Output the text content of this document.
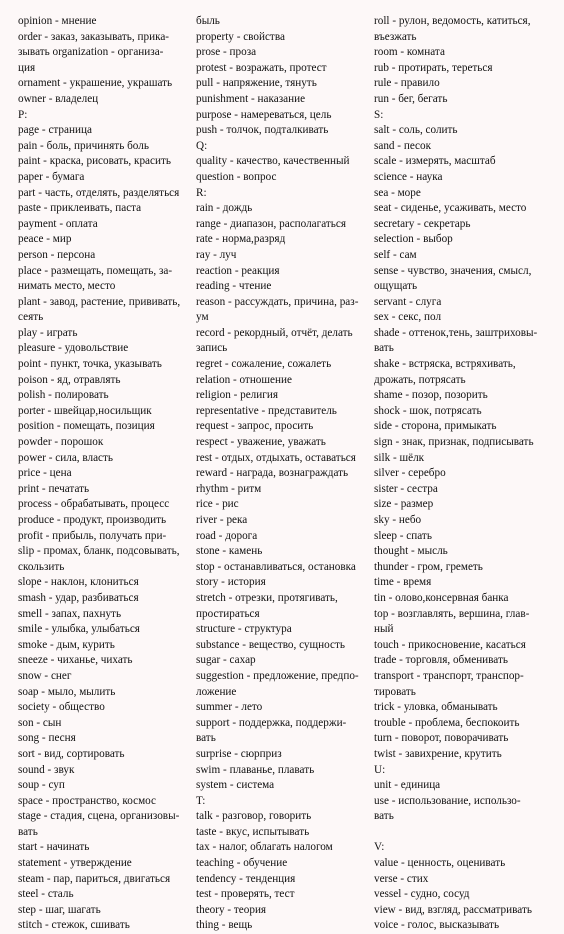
opinion - мнение
order - заказ, заказывать, прика-
зывать organization - организа-
ция
ornament - украшение, украшать
owner - владелец
P:
page - страница
pain - боль, причинять боль
paint - краска, рисовать, красить
paper - бумага
part - часть, отделять, разделяться
paste - приклеивать, паста
payment - оплата
peace - мир
person - персона
place - размещать, помещать, за-
нимать место, место
plant - завод, растение, прививать,
сеять
play - играть
pleasure - удовольствие
point - пункт, точка, указывать
poison - яд, отравлять
polish - полировать
porter - швейцар,носильщик
position - помещать, позиция
powder - порошок
power - сила, власть
price - цена
print - печатать
process - обрабатывать, процесс
produce - продукт, производить
profit - прибыль, получать при-
slip - промах, бланк, подсовывать,
скользить
slope - наклон, клониться
smash - удар, разбиваться
smell - запах, пахнуть
smile - улыбка, улыбаться
smoke - дым, курить
sneeze - чиханье, чихать
snow - снег
soap - мыло, мылить
society - общество
son - сын
song - песня
sort - вид, сортировать
sound - звук
soup - суп
space - пространство, космос
stage - стадия, сцена, организовы-
вать
start - начинать
statement - утверждение
steam - пар, париться, двигаться
steel - сталь
step - шаг, шагать
stitch - стежок, сшивать
быль
property - свойства
prose - проза
protest - возражать, протест
pull - напряжение, тянуть
punishment - наказание
purpose - намереваться, цель
push - толчок, подталкивать
Q:
quality - качество, качественный
question - вопрос
R:
rain - дождь
range - диапазон, располагаться
rate - норма,разряд
ray - луч
reaction - реакция
reading - чтение
reason - рассуждать, причина, раз-
ум
record - рекордный, отчёт, делать
запись
regret - сожаление, сожалеть
relation - отношение
religion - религия
representative - представитель
request - запрос, просить
respect - уважение, уважать
rest - отдых, отдыхать, оставаться
reward - награда, вознаграждать
rhythm - ритм
rice - рис
river - река
road - дорога
stone - камень
stop - останавливаться, остановка
story - история
stretch - отрезки, протягивать,
простираться
structure - структура
substance - вещество, сущность
sugar - сахар
suggestion - предложение, предпо-
ложение
summer - лето
support - поддержка, поддержи-
вать
surprise - сюрприз
swim - плаванье, плавать
system - система
T:
talk - разговор, говорить
taste - вкус, испытывать
tax - налог, облагать налогом
teaching - обучение
tendency - тенденция
test - проверять, тест
theory - теория
thing - вещь
roll - рулон, ведомость, катиться,
въезжать
room - комната
rub - протирать, тереться
rule - правило
run - бег, бегать
S:
salt - соль, солить
sand - песок
scale - измерять, масштаб
science - наука
sea - море
seat - сиденье, усаживать, место
secretary - секретарь
selection - выбор
self - сам
sense - чувство, значения, смысл,
ощущать
servant - слуга
sex - секс, пол
shade - оттенок,тень, заштриховы-
вать
shake - встряска, встряхивать,
дрожать, потрясать
shame - позор, позорить
shock - шок, потрясать
side - сторона, примыкать
sign - знак, признак, подписывать
silk - шёлк
silver - серебро
sister - сестра
size - размер
sky - небо
sleep - спать
thought - мысль
thunder - гром, греметь
time - время
tin - олово,консервная банка
top - возглавлять, вершина, глав-
ный
touch - прикосновение, касаться
trade - торговля, обменивать
transport - транспорт, транспор-
тировать
trick - уловка, обманывать
trouble - проблема, беспокоить
turn - поворот, поворачивать
twist - завихрение, крутить
U:
unit - единица
use - использование, использо-
вать
V:
value - ценность, оценивать
verse - стих
vessel - судно, сосуд
view - вид, взгляд, рассматривать
voice - голос, высказывать
